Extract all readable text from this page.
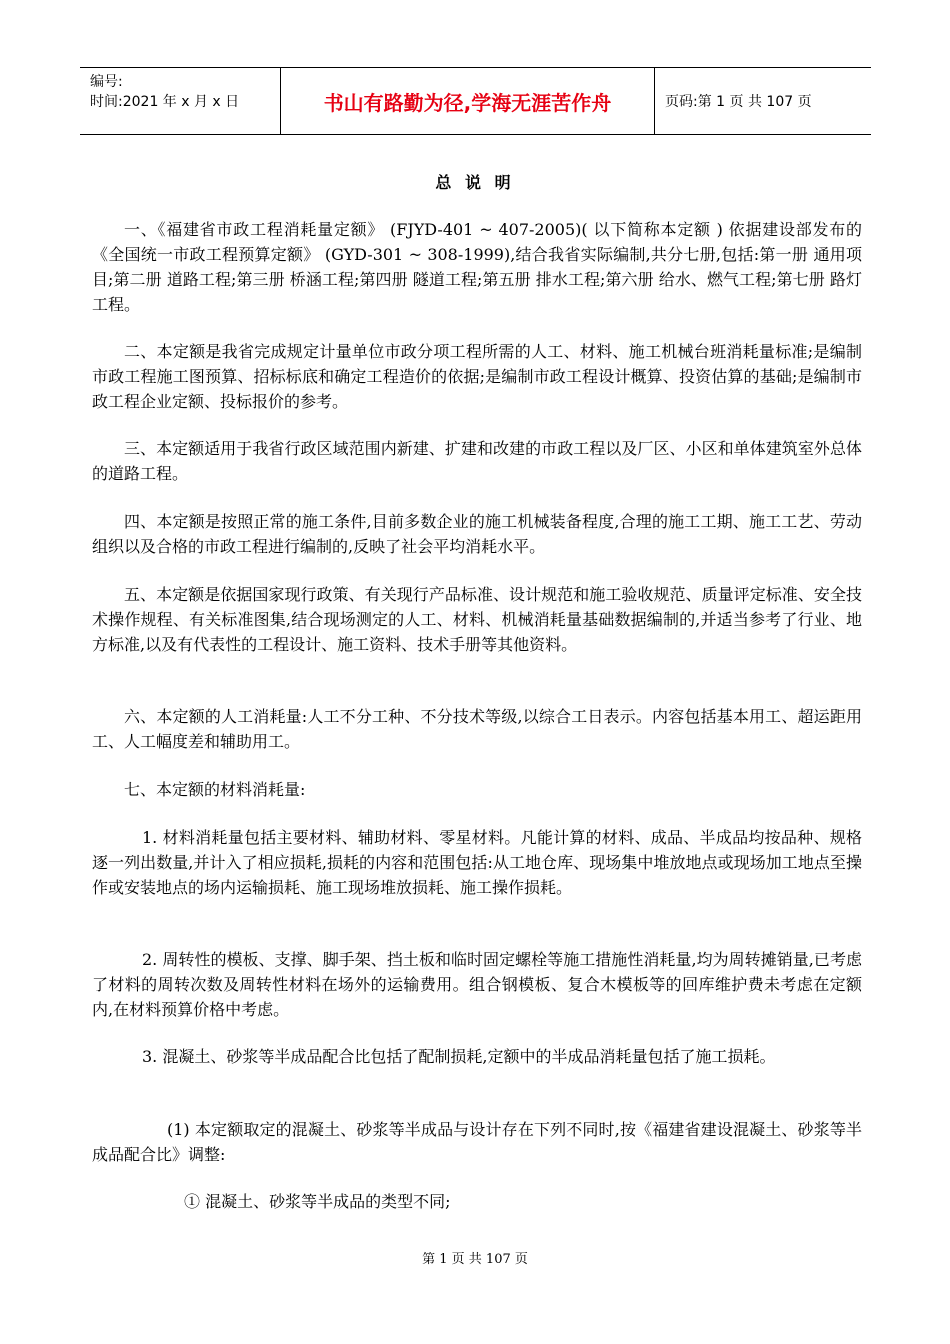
编号:
时间:2021 年 x 月 x 日	书山有路勤为径,学海无涯苦作舟	页码:第 1 页 共 107 页
总 说 明
一、《福建省市政工程消耗量定额》 (FJYD-401 ~ 407-2005)( 以下简称本定额 ) 依据建设部发布的《全国统一市政工程预算定额》 (GYD-301 ~ 308-1999),结合我省实际编制,共分七册,包括:第一册 通用项目;第二册 道路工程;第三册 桥涵工程;第四册 隧道工程;第五册 排水工程;第六册 给水、燃气工程;第七册 路灯工程。
二、本定额是我省完成规定计量单位市政分项工程所需的人工、材料、施工机械台班消耗量标准;是编制市政工程施工图预算、招标标底和确定工程造价的依据;是编制市政工程设计概算、投资估算的基础;是编制市政工程企业定额、投标报价的参考。
三、本定额适用于我省行政区域范围内新建、扩建和改建的市政工程以及厂区、小区和单体建筑室外总体的道路工程。
四、本定额是按照正常的施工条件,目前多数企业的施工机械装备程度,合理的施工工期、施工工艺、劳动组织以及合格的市政工程进行编制的,反映了社会平均消耗水平。
五、本定额是依据国家现行政策、有关现行产品标准、设计规范和施工验收规范、质量评定标准、安全技术操作规程、有关标准图集,结合现场测定的人工、材料、机械消耗量基础数据编制的,并适当参考了行业、地方标准,以及有代表性的工程设计、施工资料、技术手册等其他资料。
六、本定额的人工消耗量:人工不分工种、不分技术等级,以综合工日表示。内容包括基本用工、超运距用工、人工幅度差和辅助用工。
七、本定额的材料消耗量:
1. 材料消耗量包括主要材料、辅助材料、零星材料。凡能计算的材料、成品、半成品均按品种、规格逐一列出数量,并计入了相应损耗,损耗的内容和范围包括:从工地仓库、现场集中堆放地点或现场加工地点至操作或安装地点的场内运输损耗、施工现场堆放损耗、施工操作损耗。
2. 周转性的模板、支撑、脚手架、挡土板和临时固定螺栓等施工措施性消耗量,均为周转摊销量,已考虑了材料的周转次数及周转性材料在场外的运输费用。组合钢模板、复合木模板等的回库维护费未考虑在定额内,在材料预算价格中考虑。
3. 混凝土、砂浆等半成品配合比包括了配制损耗,定额中的半成品消耗量包括了施工损耗。
(1) 本定额取定的混凝土、砂浆等半成品与设计存在下列不同时,按《福建省建设混凝土、砂浆等半成品配合比》调整:
① 混凝土、砂浆等半成品的类型不同;
第 1 页 共 107 页
